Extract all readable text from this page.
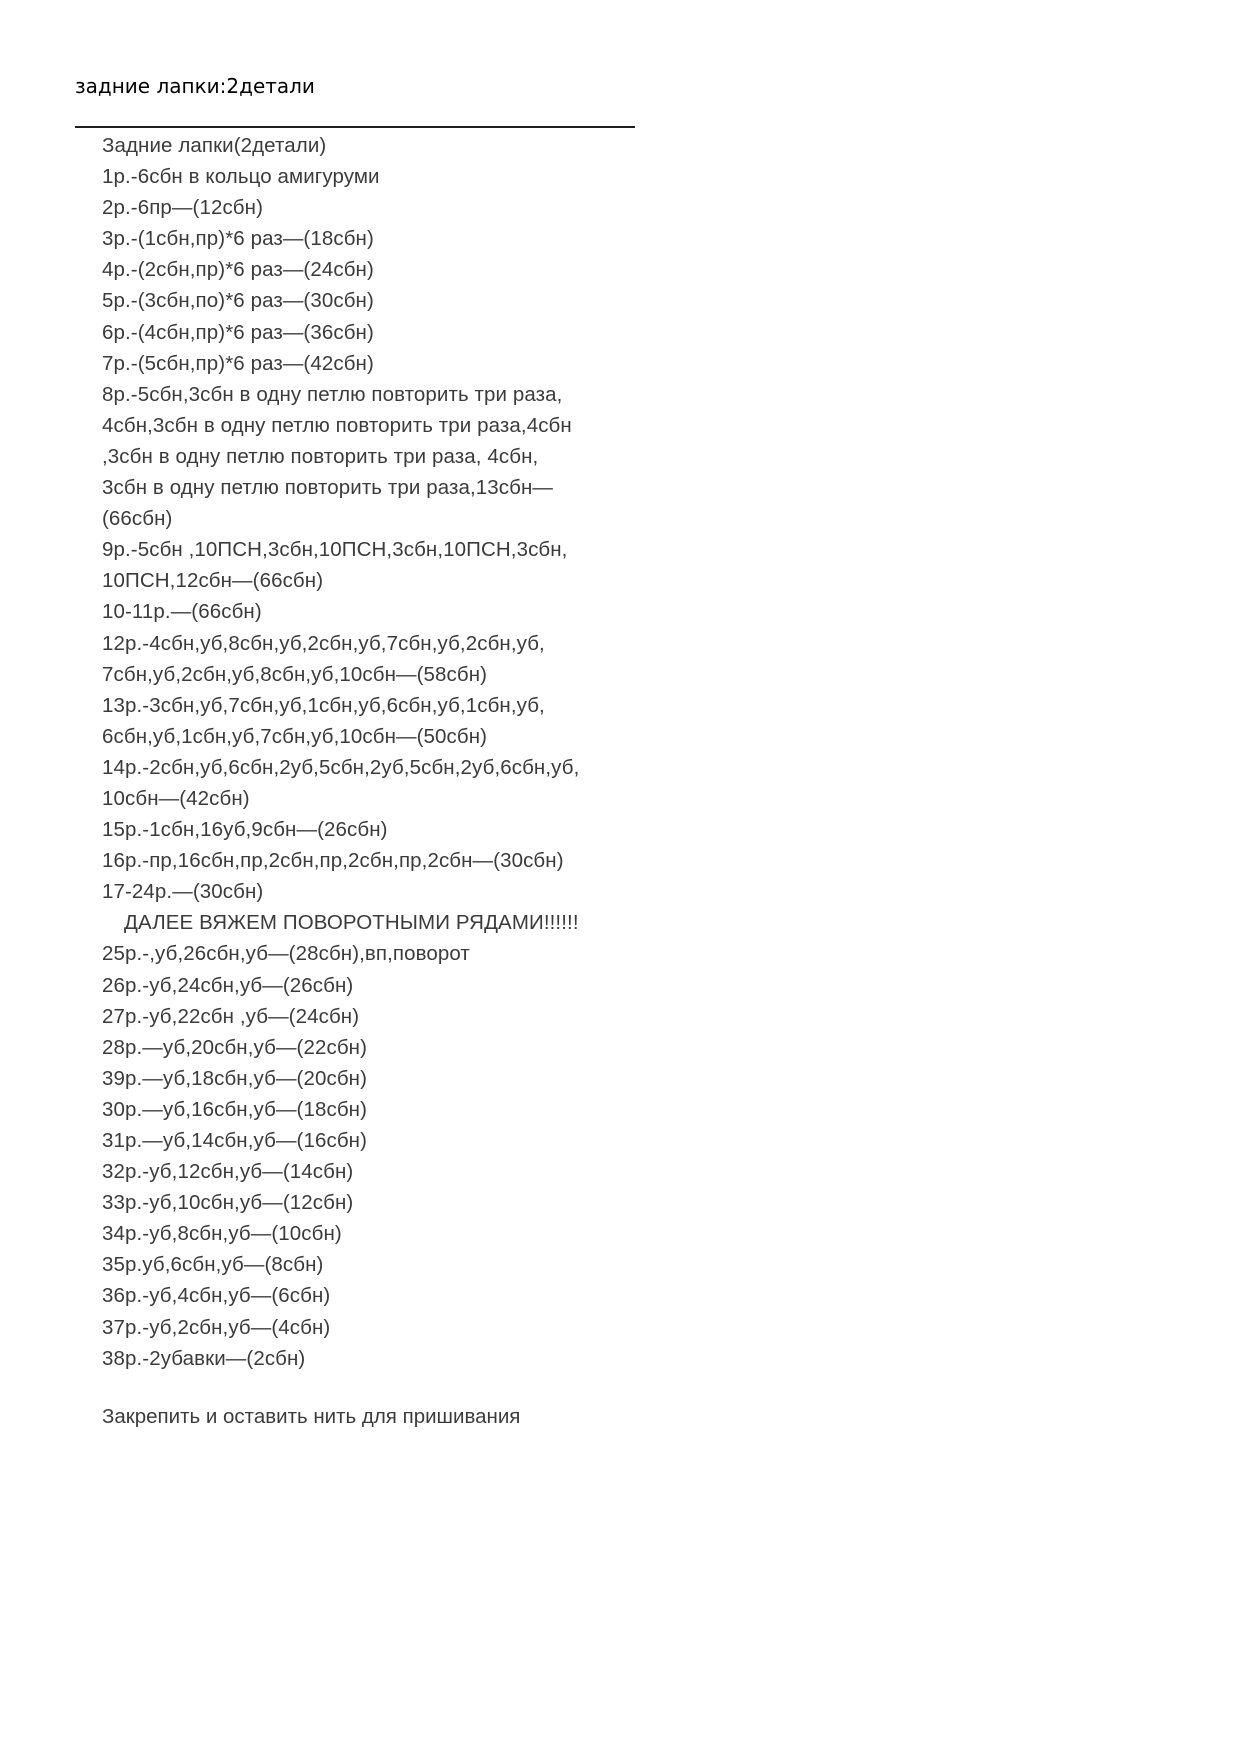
задние лапки:2детали
Задние лапки(2детали)
1р.-6сбн в кольцо амигуруми
2р.-6пр—(12сбн)
3р.-(1сбн,пр)*6 раз—(18сбн)
4р.-(2сбн,пр)*6 раз—(24сбн)
5р.-(3сбн,по)*6 раз—(30сбн)
6р.-(4сбн,пр)*6 раз—(36сбн)
7р.-(5сбн,пр)*6 раз—(42сбн)
8р.-5сбн,3сбн в одну петлю повторить три раза,
4сбн,3сбн в одну петлю повторить три раза,4сбн
,3сбн в одну петлю повторить три раза, 4сбн,
3сбн в одну петлю повторить три раза,13сбн—
(66сбн)
9р.-5сбн ,10ПСН,3сбн,10ПСН,3сбн,10ПСН,3сбн,
10ПСН,12сбн—(66сбн)
10-11р.—(66сбн)
12р.-4сбн,уб,8сбн,уб,2сбн,уб,7сбн,уб,2сбн,уб,
7сбн,уб,2сбн,уб,8сбн,уб,10сбн—(58сбн)
13р.-3сбн,уб,7сбн,уб,1сбн,уб,6сбн,уб,1сбн,уб,
6сбн,уб,1сбн,уб,7сбн,уб,10сбн—(50сбн)
14р.-2сбн,уб,6сбн,2уб,5сбн,2уб,5сбн,2уб,6сбн,уб,
10сбн—(42сбн)
15р.-1сбн,16уб,9сбн—(26сбн)
16р.-пр,16сбн,пр,2сбн,пр,2сбн,пр,2сбн—(30сбн)
17-24р.—(30сбн)
ДАЛЕЕ ВЯЖЕМ ПОВОРОТНЫМИ РЯДАМИ!!!!!!
25р.-,уб,26сбн,уб—(28сбн),вп,поворот
26р.-уб,24сбн,уб—(26сбн)
27р.-уб,22сбн ,уб—(24сбн)
28р.—уб,20сбн,уб—(22сбн)
39р.—уб,18сбн,уб—(20сбн)
30р.—уб,16сбн,уб—(18сбн)
31р.—уб,14сбн,уб—(16сбн)
32р.-уб,12сбн,уб—(14сбн)
33р.-уб,10сбн,уб—(12сбн)
34р.-уб,8сбн,уб—(10сбн)
35р.уб,6сбн,уб—(8сбн)
36р.-уб,4сбн,уб—(6сбн)
37р.-уб,2сбн,уб—(4сбн)
38р.-2убавки—(2сбн)
Закрепить и оставить нить для пришивания
